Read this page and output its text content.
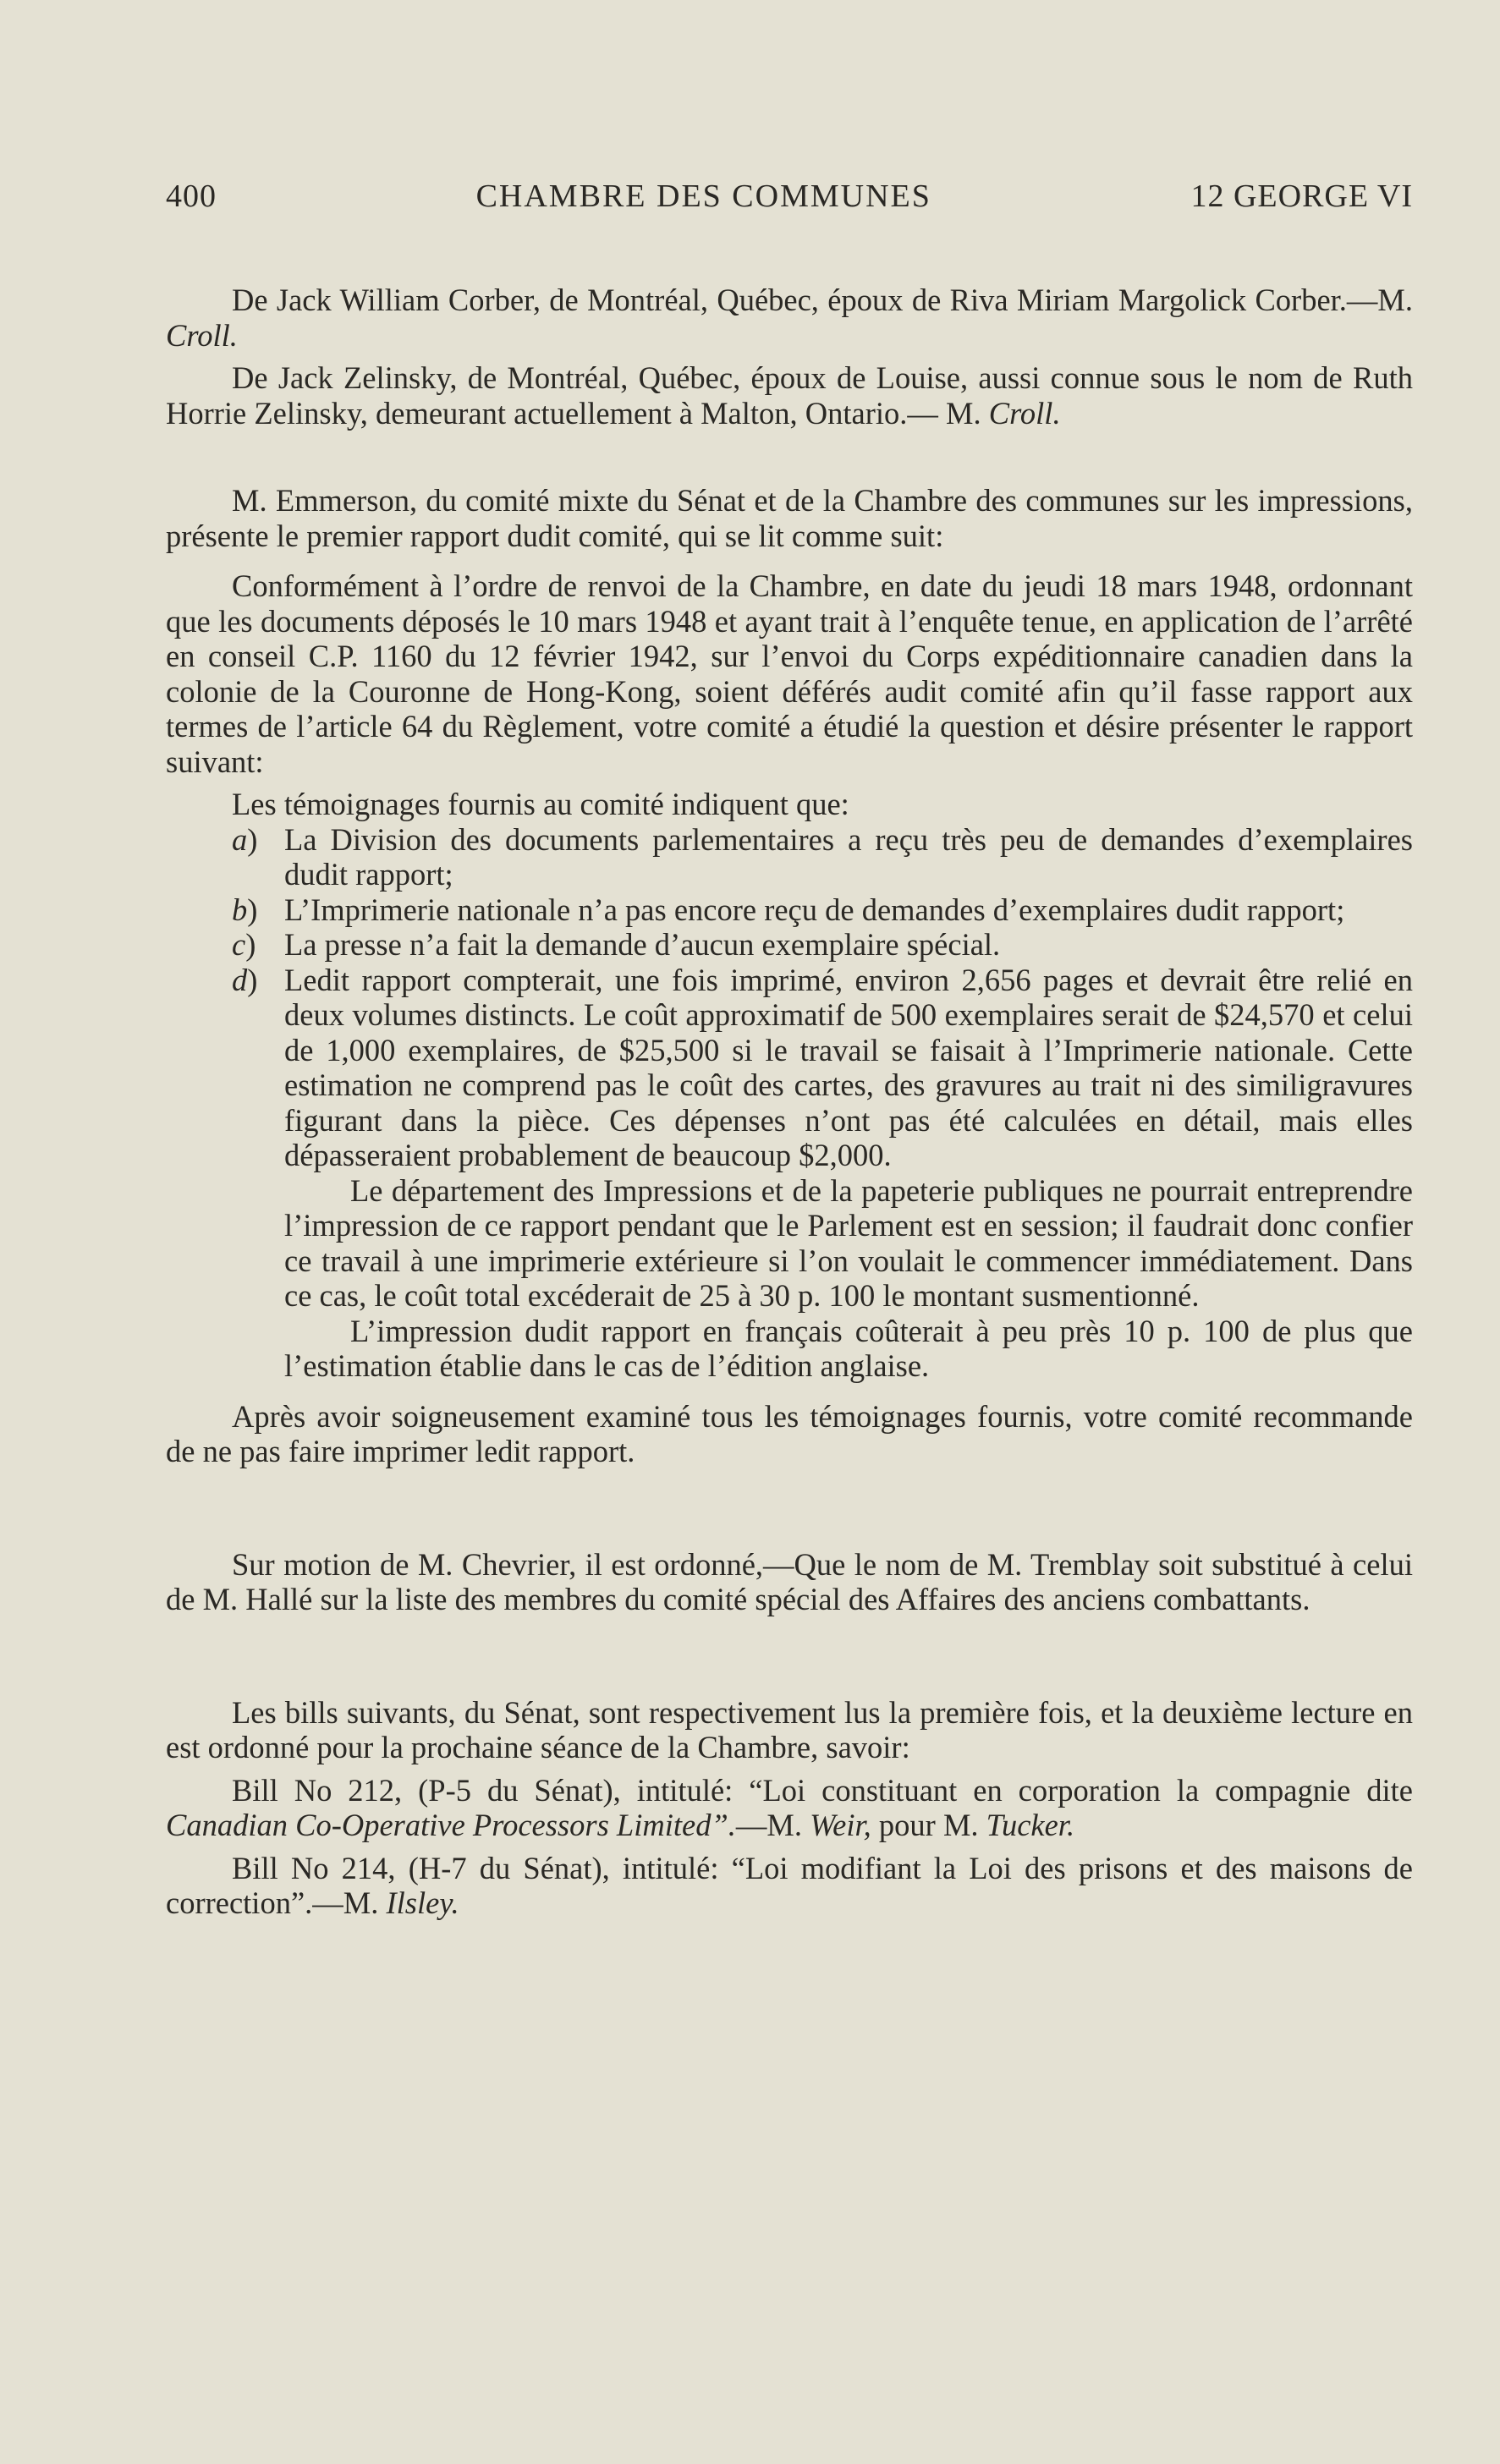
400	CHAMBRE DES COMMUNES	12 GEORGE VI

De Jack William Corber, de Montréal, Québec, époux de Riva Miriam Margolick Corber.—M. Croll.

De Jack Zelinsky, de Montréal, Québec, époux de Louise, aussi connue sous le nom de Ruth Horrie Zelinsky, demeurant actuellement à Malton, Ontario.— M. Croll.

M. Emmerson, du comité mixte du Sénat et de la Chambre des communes sur les impressions, présente le premier rapport dudit comité, qui se lit comme suit:

Conformément à l’ordre de renvoi de la Chambre, en date du jeudi 18 mars 1948, ordonnant que les documents déposés le 10 mars 1948 et ayant trait à l’enquête tenue, en application de l’arrêté en conseil C.P. 1160 du 12 février 1942, sur l’envoi du Corps expéditionnaire canadien dans la colonie de la Couronne de Hong-Kong, soient déférés audit comité afin qu’il fasse rapport aux termes de l’article 64 du Règlement, votre comité a étudié la question et désire présenter le rapport suivant:

Les témoignages fournis au comité indiquent que:

a) La Division des documents parlementaires a reçu très peu de demandes d’exemplaires dudit rapport;

b) L’Imprimerie nationale n’a pas encore reçu de demandes d’exemplaires dudit rapport;

c) La presse n’a fait la demande d’aucun exemplaire spécial.

d) Ledit rapport compterait, une fois imprimé, environ 2,656 pages et devrait être relié en deux volumes distincts. Le coût approximatif de 500 exemplaires serait de $24,570 et celui de 1,000 exemplaires, de $25,500 si le travail se faisait à l’Imprimerie nationale. Cette estimation ne comprend pas le coût des cartes, des gravures au trait ni des similigravures figurant dans la pièce. Ces dépenses n’ont pas été calculées en détail, mais elles dépasseraient probablement de beaucoup $2,000.

Le département des Impressions et de la papeterie publiques ne pourrait entreprendre l’impression de ce rapport pendant que le Parlement est en session; il faudrait donc confier ce travail à une imprimerie extérieure si l’on voulait le commencer immédiatement. Dans ce cas, le coût total excéderait de 25 à 30 p. 100 le montant susmentionné.

L’impression dudit rapport en français coûterait à peu près 10 p. 100 de plus que l’estimation établie dans le cas de l’édition anglaise.

Après avoir soigneusement examiné tous les témoignages fournis, votre comité recommande de ne pas faire imprimer ledit rapport.

Sur motion de M. Chevrier, il est ordonné,—Que le nom de M. Tremblay soit substitué à celui de M. Hallé sur la liste des membres du comité spécial des Affaires des anciens combattants.

Les bills suivants, du Sénat, sont respectivement lus la première fois, et la deuxième lecture en est ordonné pour la prochaine séance de la Chambre, savoir:

Bill No 212, (P-5 du Sénat), intitulé: “Loi constituant en corporation la compagnie dite Canadian Co-Operative Processors Limited”.—M. Weir, pour M. Tucker.

Bill No 214, (H-7 du Sénat), intitulé: “Loi modifiant la Loi des prisons et des maisons de correction”.—M. Ilsley.
